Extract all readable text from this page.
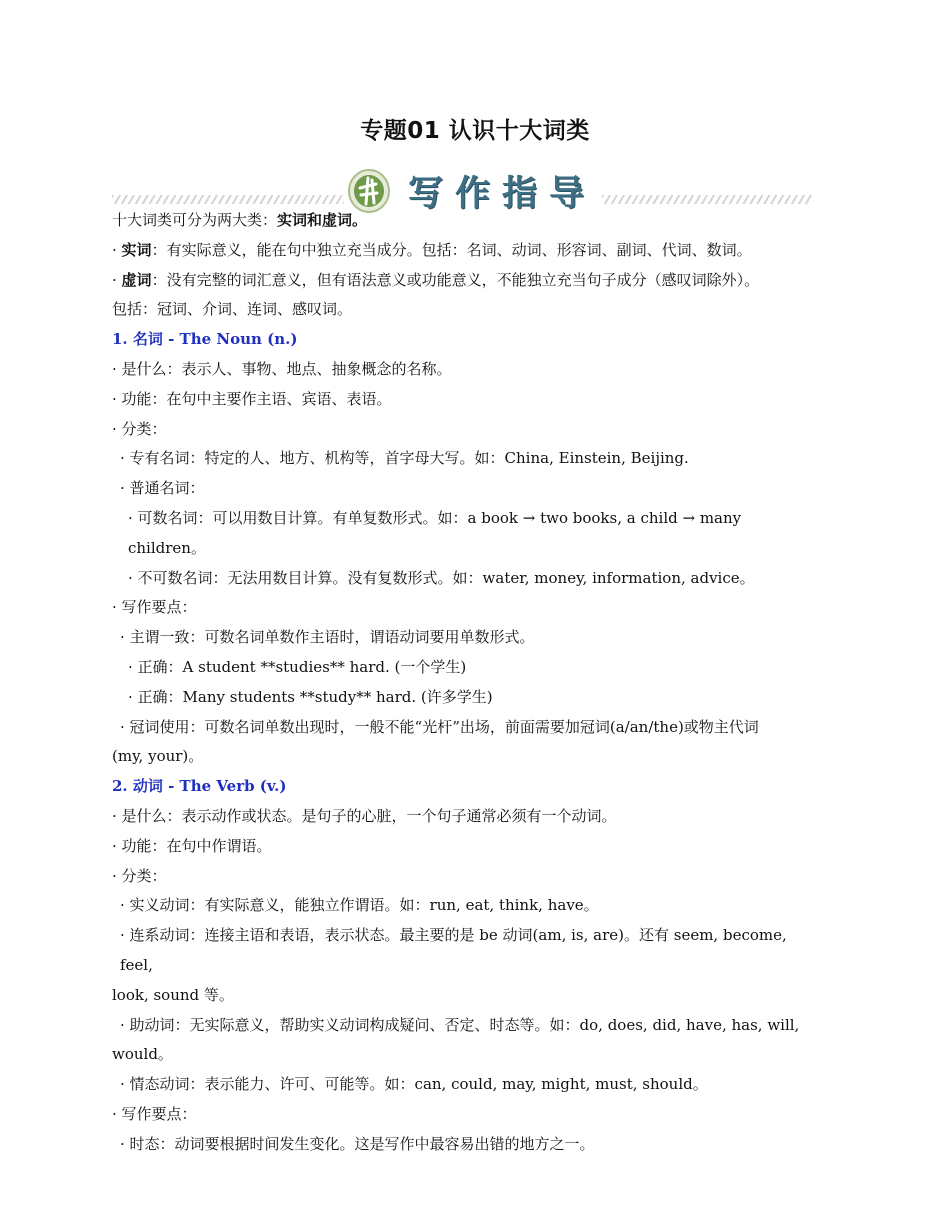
专题01 认识十大词类
写作指导

十大词类可分为两大类：实词和虚词。

· 实词：有实际意义，能在句中独立充当成分。包括：名词、动词、形容词、副词、代词、数词。

· 虚词：没有完整的词汇意义，但有语法意义或功能意义，不能独立充当句子成分（感叹词除外）。

包括：冠词、介词、连词、感叹词。

1. 名词 - The Noun (n.)

· 是什么：表示人、事物、地点、抽象概念的名称。

· 功能：在句中主要作主语、宾语、表语。

· 分类：

· 专有名词：特定的人、地方、机构等，首字母大写。如：China, Einstein, Beijing.

· 普通名词：

· 可数名词：可以用数目计算。有单复数形式。如：a book → two books, a child → many children。

· 不可数名词：无法用数目计算。没有复数形式。如：water, money, information, advice。

· 写作要点：

· 主谓一致：可数名词单数作主语时，谓语动词要用单数形式。

· 正确：A student **studies** hard. (一个学生)

· 正确：Many students **study** hard. (许多学生)

· 冠词使用：可数名词单数出现时，一般不能“光杆”出场，前面需要加冠词(a/an/the)或物主代词

(my, your)。

2. 动词 - The Verb (v.)

· 是什么：表示动作或状态。是句子的心脏，一个句子通常必须有一个动词。

· 功能：在句中作谓语。

· 分类：

· 实义动词：有实际意义，能独立作谓语。如：run, eat, think, have。

· 连系动词：连接主语和表语，表示状态。最主要的是 be 动词(am, is, are)。还有 seem, become, feel,

look, sound 等。

· 助动词：无实际意义，帮助实义动词构成疑问、否定、时态等。如：do, does, did, have, has, will,

would。

· 情态动词：表示能力、许可、可能等。如：can, could, may, might, must, should。

· 写作要点：

· 时态：动词要根据时间发生变化。这是写作中最容易出错的地方之一。
